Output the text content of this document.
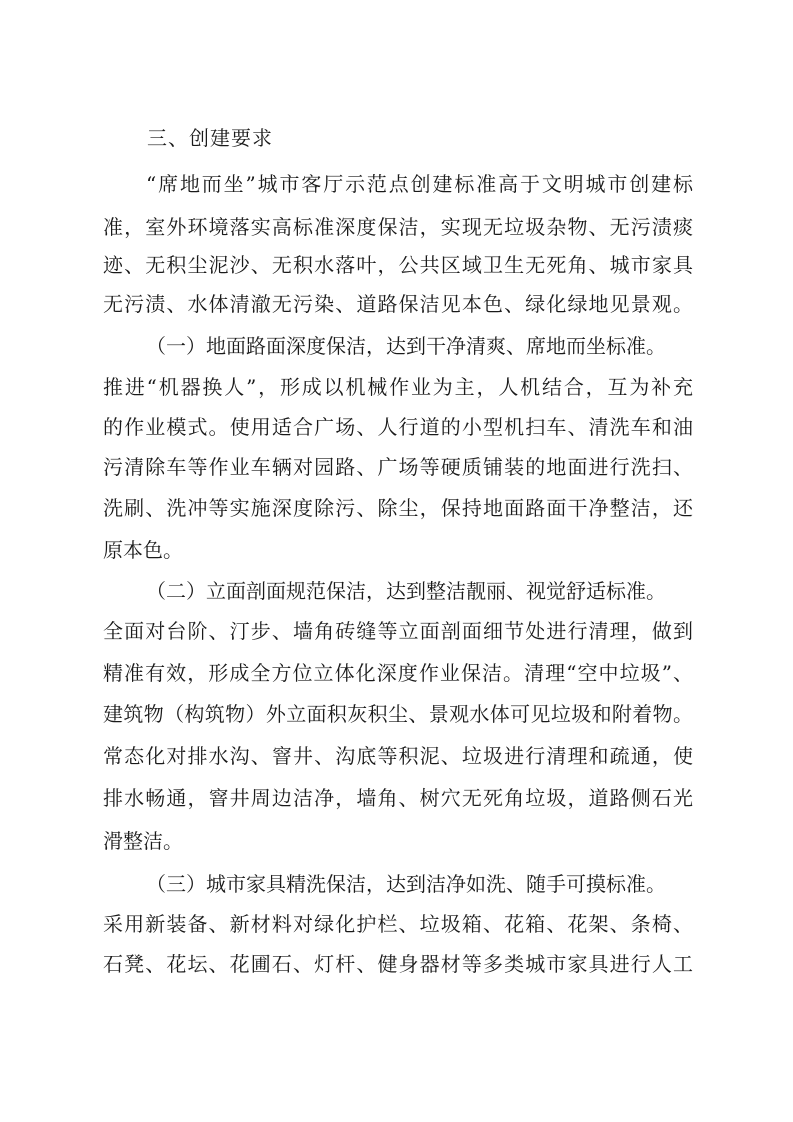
三、创建要求
“席地而坐”城市客厅示范点创建标准高于文明城市创建标
准，室外环境落实高标准深度保洁，实现无垃圾杂物、无污渍痰
迹、无积尘泥沙、无积水落叶，公共区域卫生无死角、城市家具
无污渍、水体清澈无污染、道路保洁见本色、绿化绿地见景观。
（一）地面路面深度保洁，达到干净清爽、席地而坐标准。
推进“机器换人”，形成以机械作业为主，人机结合，互为补充
的作业模式。使用适合广场、人行道的小型机扫车、清洗车和油
污清除车等作业车辆对园路、广场等硬质铺装的地面进行洗扫、
洗刷、洗冲等实施深度除污、除尘，保持地面路面干净整洁，还
原本色。
（二）立面剖面规范保洁，达到整洁靓丽、视觉舒适标准。
全面对台阶、汀步、墙角砖缝等立面剖面细节处进行清理，做到
精准有效，形成全方位立体化深度作业保洁。清理“空中垃圾”、
建筑物（构筑物）外立面积灰积尘、景观水体可见垃圾和附着物。
常态化对排水沟、窨井、沟底等积泥、垃圾进行清理和疏通，使
排水畅通，窨井周边洁净，墙角、树穴无死角垃圾，道路侧石光
滑整洁。
（三）城市家具精洗保洁，达到洁净如洗、随手可摸标准。
采用新装备、新材料对绿化护栏、垃圾箱、花箱、花架、条椅、
石凳、花坛、花圃石、灯杆、健身器材等多类城市家具进行人工
